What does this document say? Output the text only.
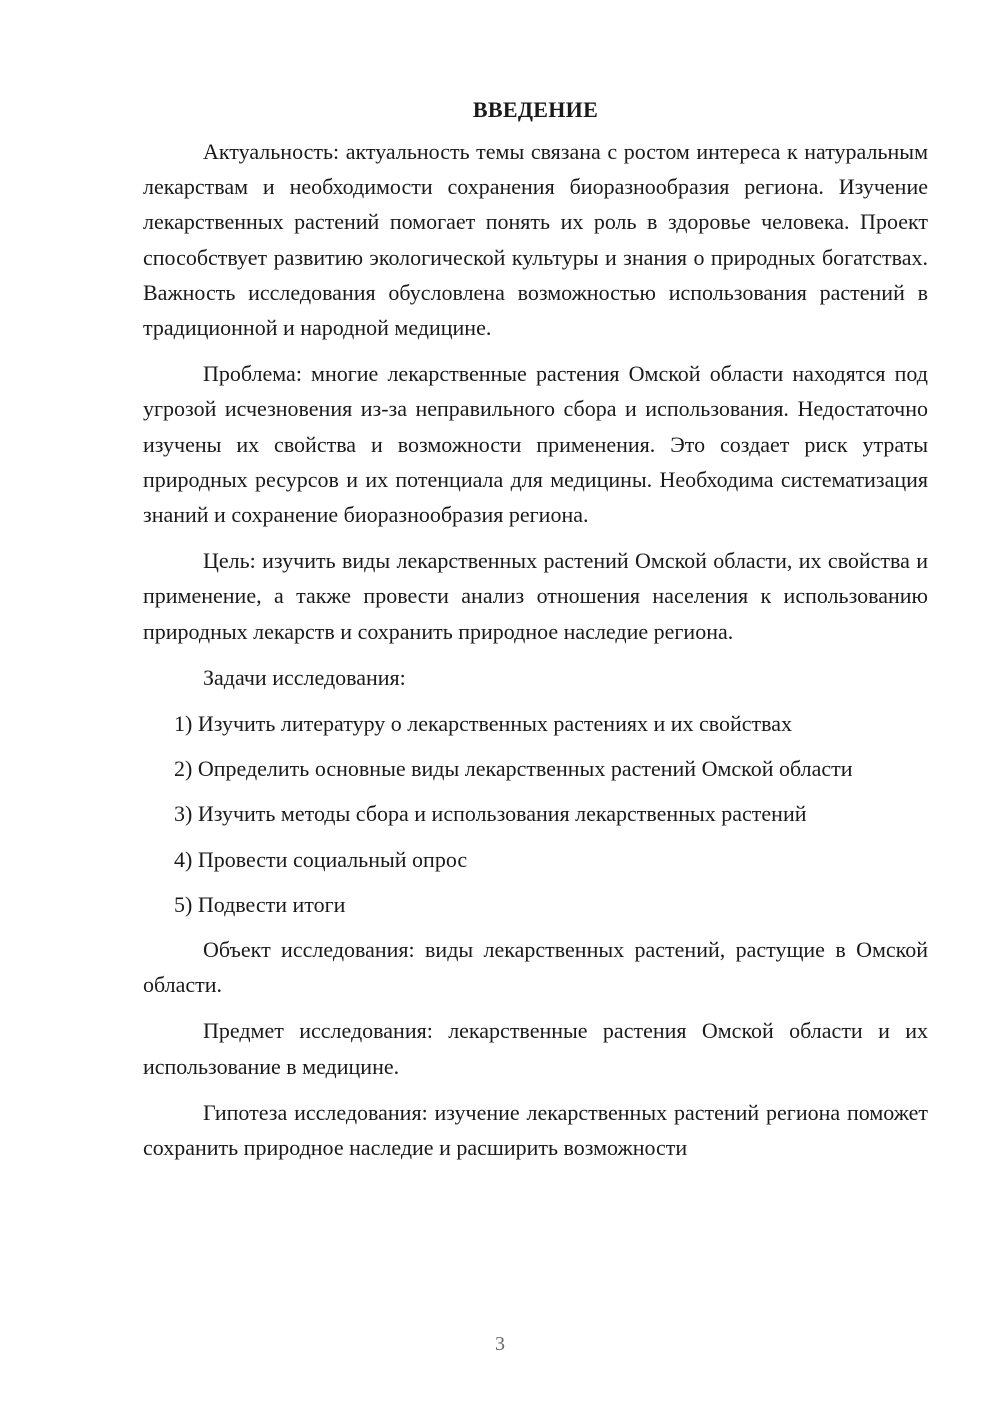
ВВЕДЕНИЕ

Актуальность: актуальность темы связана с ростом интереса к натуральным лекарствам и необходимости сохранения биоразнообразия региона. Изучение лекарственных растений помогает понять их роль в здоровье человека. Проект способствует развитию экологической культуры и знания о природных богатствах. Важность исследования обусловлена возможностью использования растений в традиционной и народной медицине.

Проблема: многие лекарственные растения Омской области находятся под угрозой исчезновения из-за неправильного сбора и использования. Недостаточно изучены их свойства и возможности применения. Это создает риск утраты природных ресурсов и их потенциала для медицины. Необходима систематизация знаний и сохранение биоразнообразия региона.

Цель: изучить виды лекарственных растений Омской области, их свойства и применение, а также провести анализ отношения населения к использованию природных лекарств и сохранить природное наследие региона.

Задачи исследования:

1) Изучить литературу о лекарственных растениях и их свойствах

2) Определить основные виды лекарственных растений Омской области

3) Изучить методы сбора и использования лекарственных растений

4) Провести социальный опрос

5) Подвести итоги

Объект исследования: виды лекарственных растений, растущие в Омской области.

Предмет исследования: лекарственные растения Омской области и их использование в медицине.

Гипотеза исследования: изучение лекарственных растений региона поможет сохранить природное наследие и расширить возможности

3
